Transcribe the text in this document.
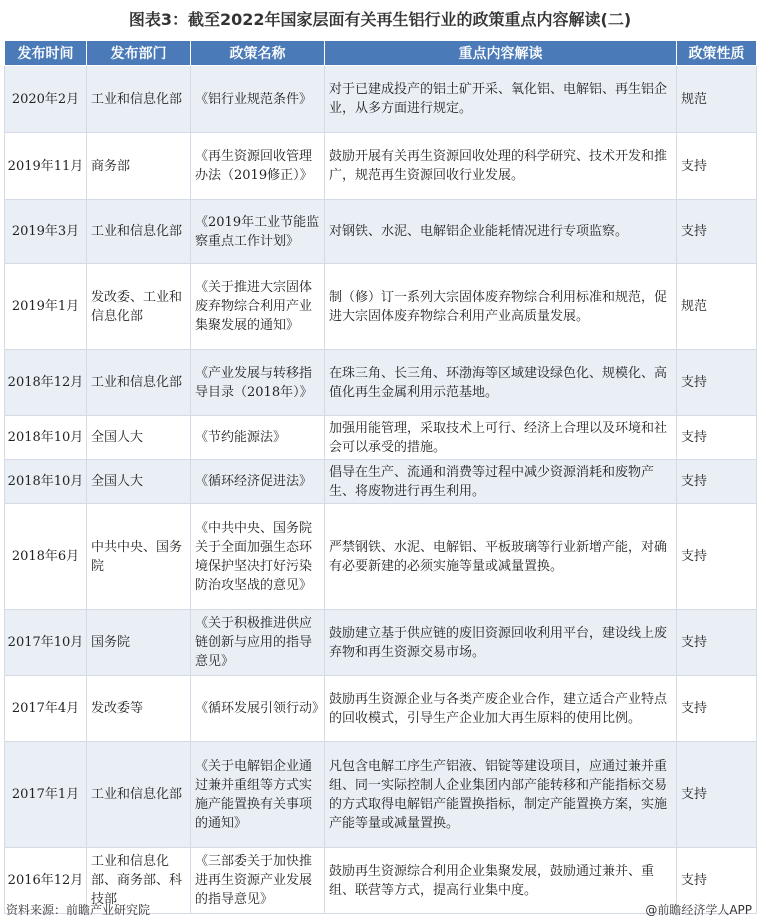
图表3：截至2022年国家层面有关再生铝行业的政策重点内容解读(二)
发布时间	发布部门	政策名称	重点内容解读	政策性质
2020年2月	工业和信息化部	《铝行业规范条件》	对于已建成投产的铝土矿开采、氧化铝、电解铝、再生铝企业，从多方面进行规定。	规范
2019年11月	商务部	《再生资源回收管理办法（2019修正）》	鼓励开展有关再生资源回收处理的科学研究、技术开发和推广，规范再生资源回收行业发展。	支持
2019年3月	工业和信息化部	《2019年工业节能监察重点工作计划》	对钢铁、水泥、电解铝企业能耗情况进行专项监察。	支持
2019年1月	发改委、工业和信息化部	《关于推进大宗固体废弃物综合利用产业集聚发展的通知》	制（修）订一系列大宗固体废弃物综合利用标准和规范，促进大宗固体废弃物综合利用产业高质量发展。	规范
2018年12月	工业和信息化部	《产业发展与转移指导目录（2018年）》	在珠三角、长三角、环渤海等区域建设绿色化、规模化、高值化再生金属利用示范基地。	支持
2018年10月	全国人大	《节约能源法》	加强用能管理，采取技术上可行、经济上合理以及环境和社会可以承受的措施。	支持
2018年10月	全国人大	《循环经济促进法》	倡导在生产、流通和消费等过程中减少资源消耗和废物产生、将废物进行再生利用。	支持
2018年6月	中共中央、国务院	《中共中央、国务院关于全面加强生态环境保护坚决打好污染防治攻坚战的意见》	严禁钢铁、水泥、电解铝、平板玻璃等行业新增产能，对确有必要新建的必须实施等量或减量置换。	支持
2017年10月	国务院	《关于积极推进供应链创新与应用的指导意见》	鼓励建立基于供应链的废旧资源回收利用平台，建设线上废弃物和再生资源交易市场。	支持
2017年4月	发改委等	《循环发展引领行动》	鼓励再生资源企业与各类产废企业合作，建立适合产业特点的回收模式，引导生产企业加大再生原料的使用比例。	支持
2017年1月	工业和信息化部	《关于电解铝企业通过兼并重组等方式实施产能置换有关事项的通知》	凡包含电解工序生产铝液、铝锭等建设项目，应通过兼并重组、同一实际控制人企业集团内部产能转移和产能指标交易的方式取得电解铝产能置换指标，制定产能置换方案，实施产能等量或减量置换。	支持
2016年12月	工业和信息化部、商务部、科技部	《三部委关于加快推进再生资源产业发展的指导意见》	鼓励再生资源综合利用企业集聚发展，鼓励通过兼并、重组、联营等方式，提高行业集中度。	支持
资料来源：前瞻产业研究院	@前瞻经济学人APP
